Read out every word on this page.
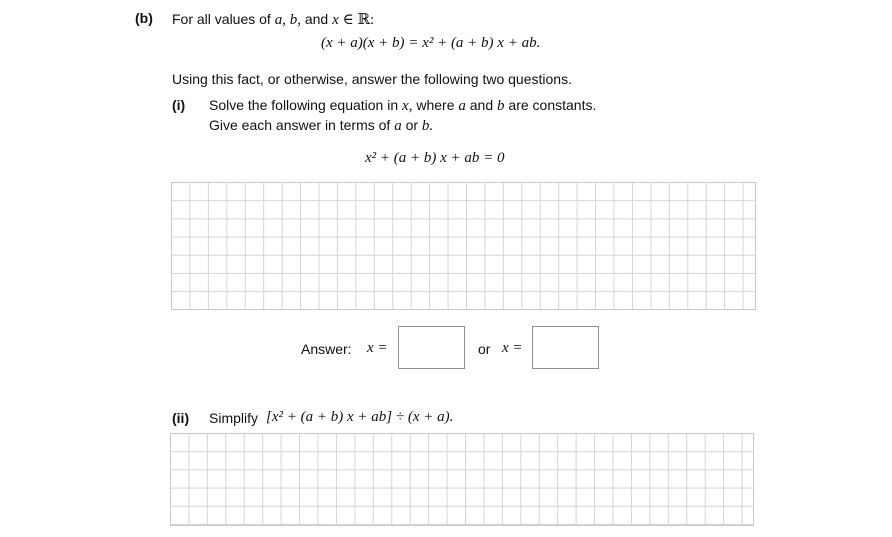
(b) For all values of a, b, and x ∈ ℝ:
(x + a)(x + b) = x² + (a + b) x + ab.
Using this fact, or otherwise, answer the following two questions.
(i) Solve the following equation in x, where a and b are constants.
Give each answer in terms of a or b.
x² + (a + b) x + ab = 0
Answer: x =	or x =
(ii) Simplify [x² + (a + b) x + ab] ÷ (x + a).
